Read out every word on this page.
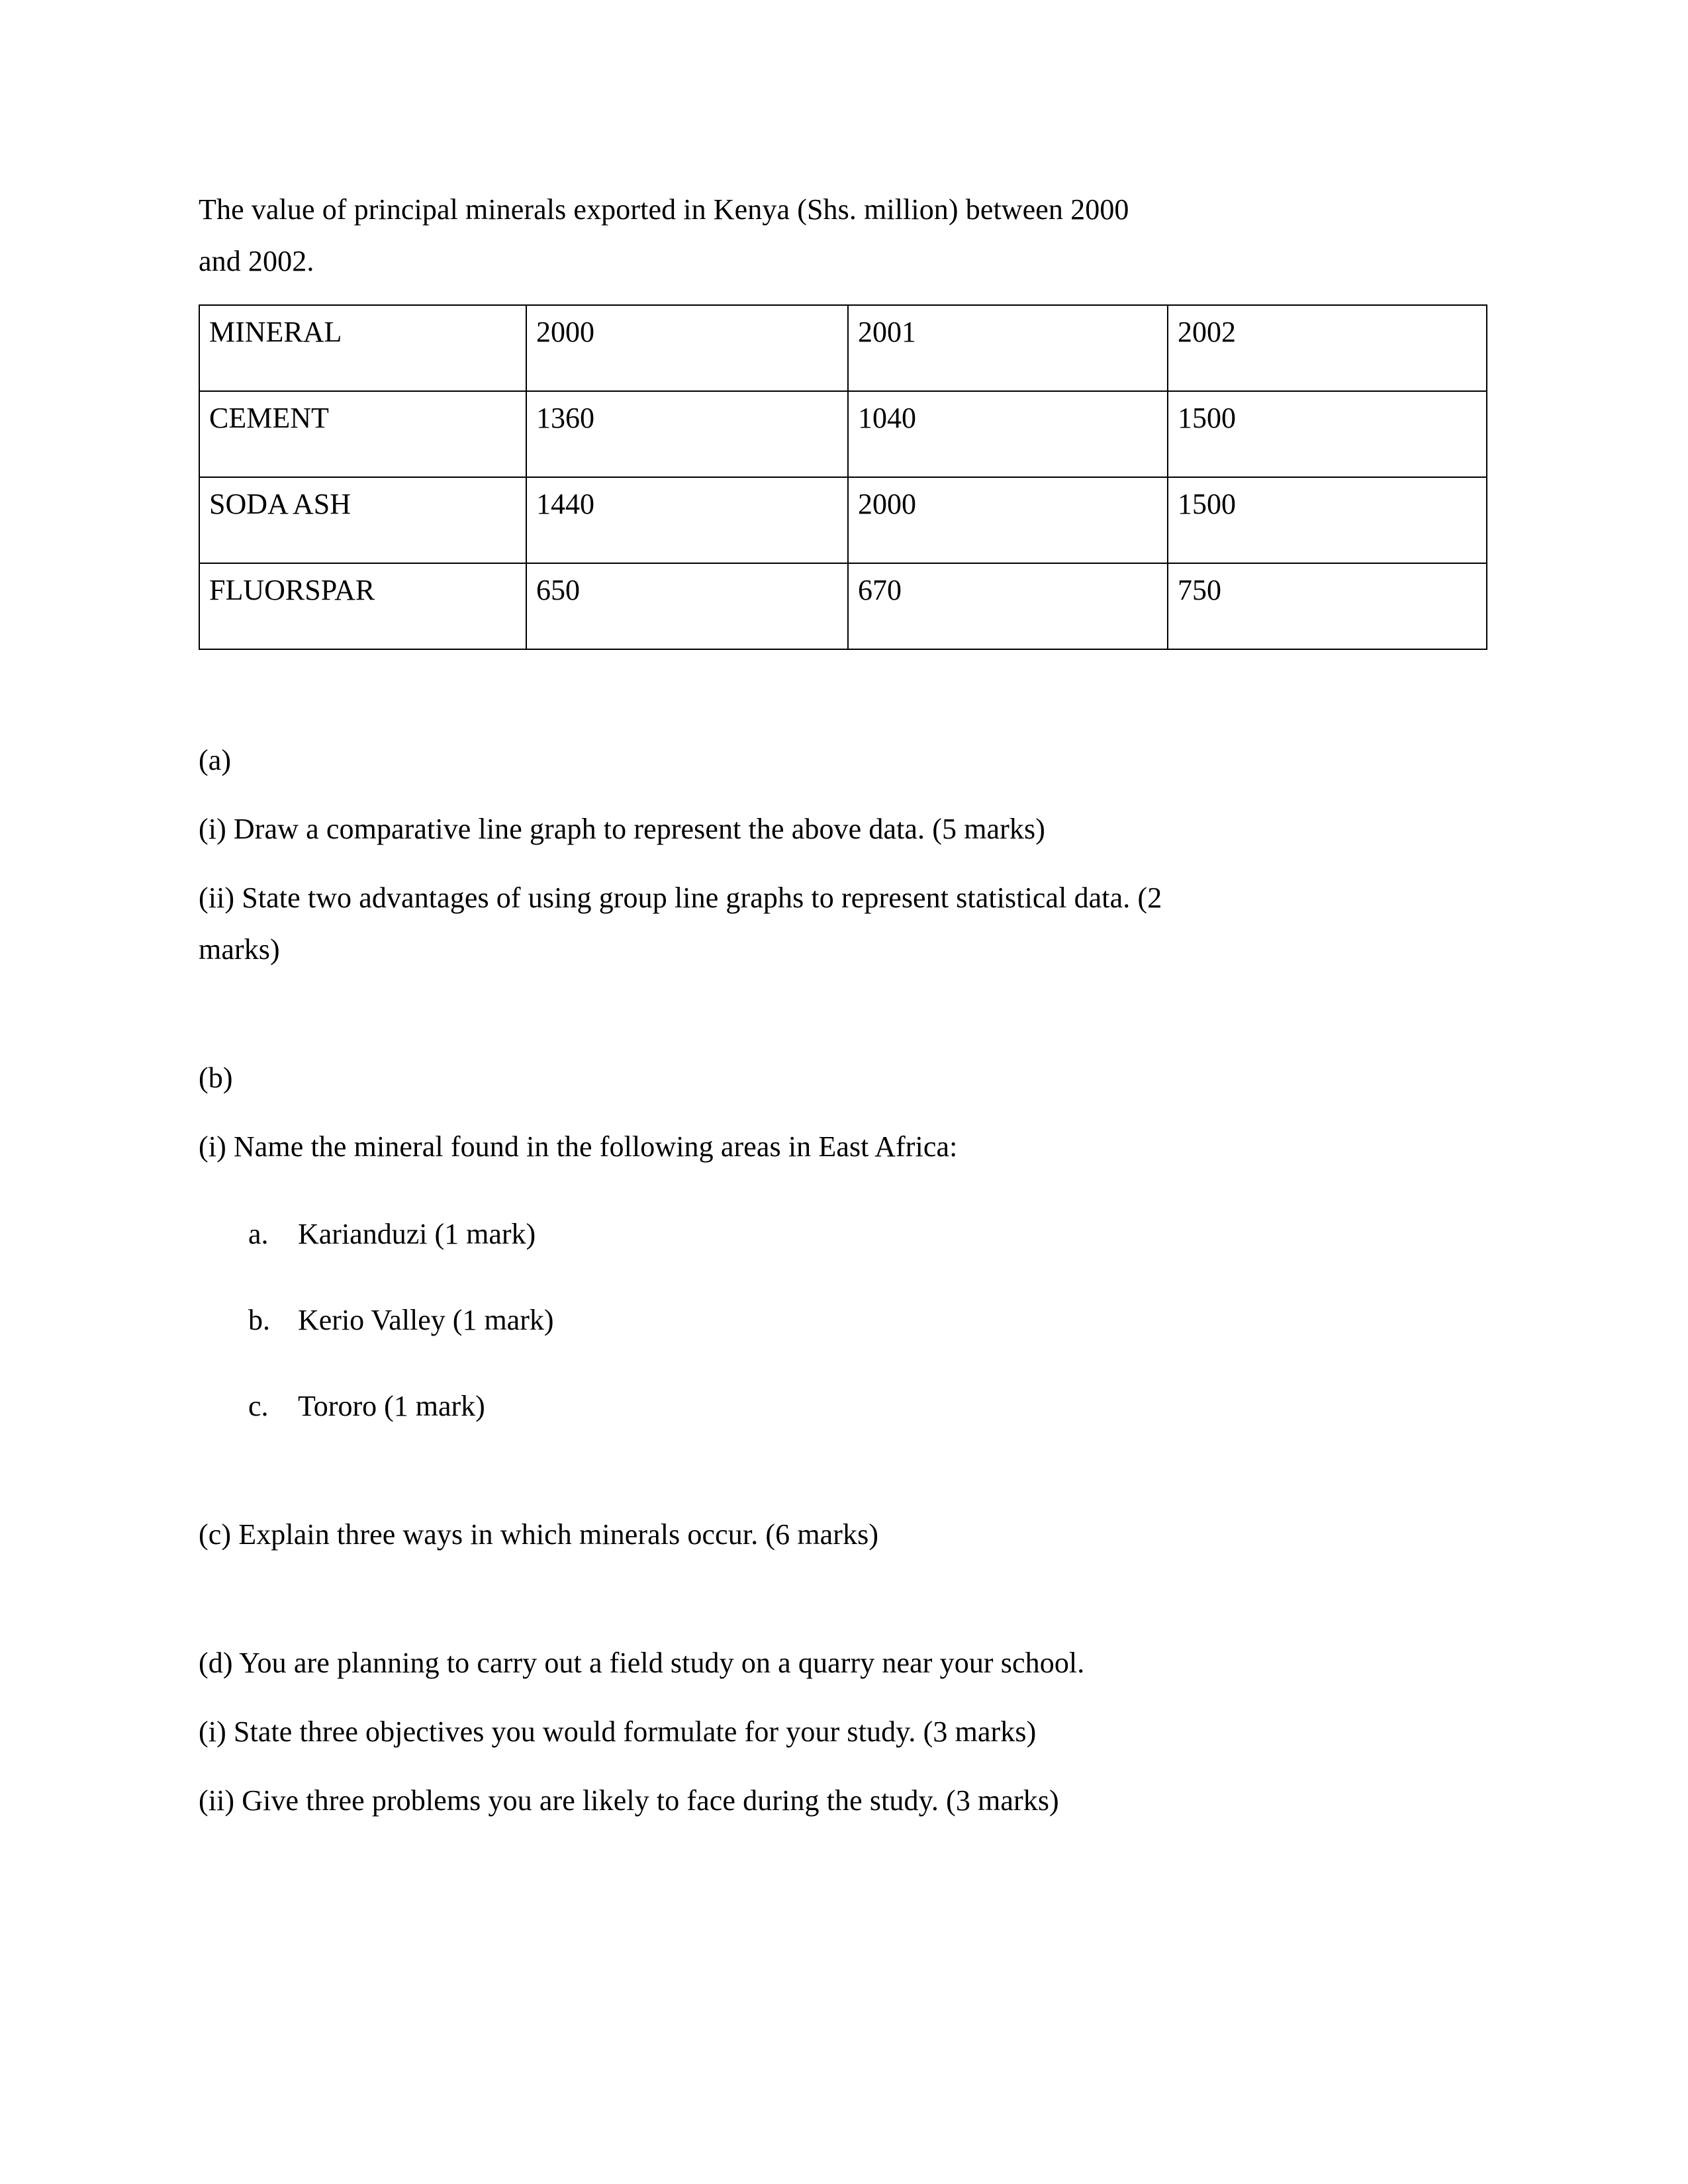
The value of principal minerals exported in Kenya (Shs. million) between 2000

and 2002.

MINERAL	2000	2001	2002
CEMENT	1360	1040	1500
SODA ASH	1440	2000	1500
FLUORSPAR	650	670	750

(a)

(i) Draw a comparative line graph to represent the above data. (5 marks)

(ii) State two advantages of using group line graphs to represent statistical data. (2

marks)

(b)

(i) Name the mineral found in the following areas in East Africa:

a. Karianduzi (1 mark)
b. Kerio Valley (1 mark)
c. Tororo (1 mark)

(c) Explain three ways in which minerals occur. (6 marks)

(d) You are planning to carry out a field study on a quarry near your school.

(i) State three objectives you would formulate for your study. (3 marks)

(ii) Give three problems you are likely to face during the study. (3 marks)
